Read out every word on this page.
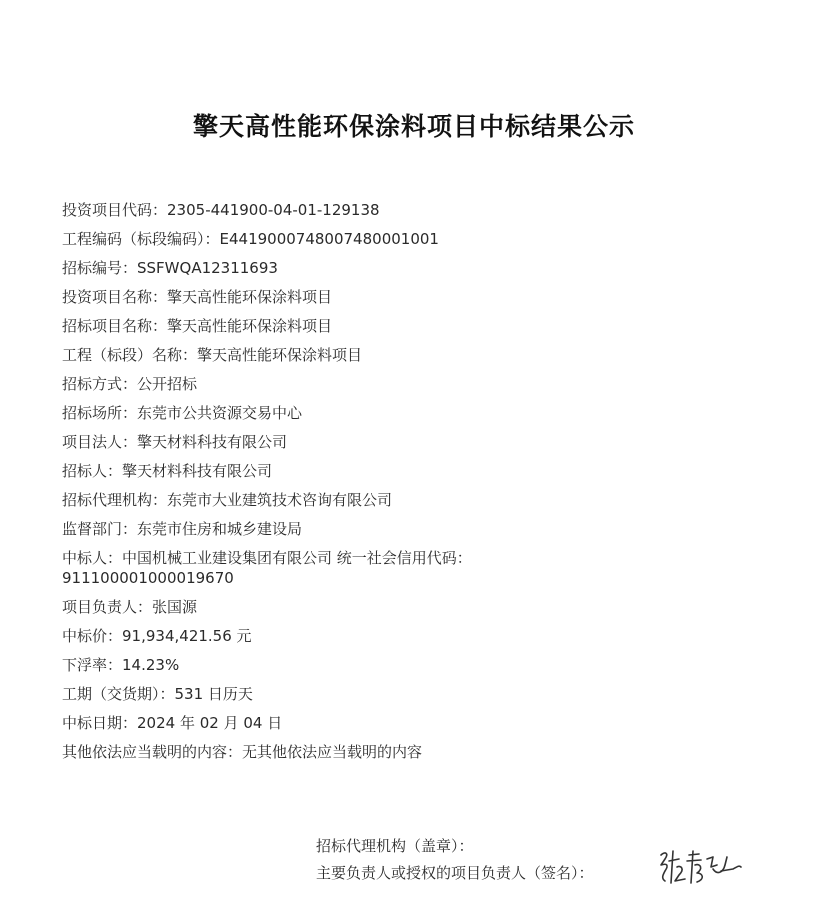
擎天高性能环保涂料项目中标结果公示
投资项目代码：2305-441900-04-01-129138
工程编码（标段编码）：E4419000748007480001001
招标编号：SSFWQA12311693
投资项目名称：擎天高性能环保涂料项目
招标项目名称：擎天高性能环保涂料项目
工程（标段）名称：擎天高性能环保涂料项目
招标方式：公开招标
招标场所：东莞市公共资源交易中心
项目法人：擎天材料科技有限公司
招标人：擎天材料科技有限公司
招标代理机构：东莞市大业建筑技术咨询有限公司
监督部门：东莞市住房和城乡建设局
中标人：中国机械工业建设集团有限公司 统一社会信用代码：911100001000019670
项目负责人：张国源
中标价：91,934,421.56 元
下浮率：14.23%
工期（交货期）：531 日历天
中标日期：2024 年 02 月 04 日
其他依法应当载明的内容：无其他依法应当载明的内容
招标代理机构（盖章）：
主要负责人或授权的项目负责人（签名）：
